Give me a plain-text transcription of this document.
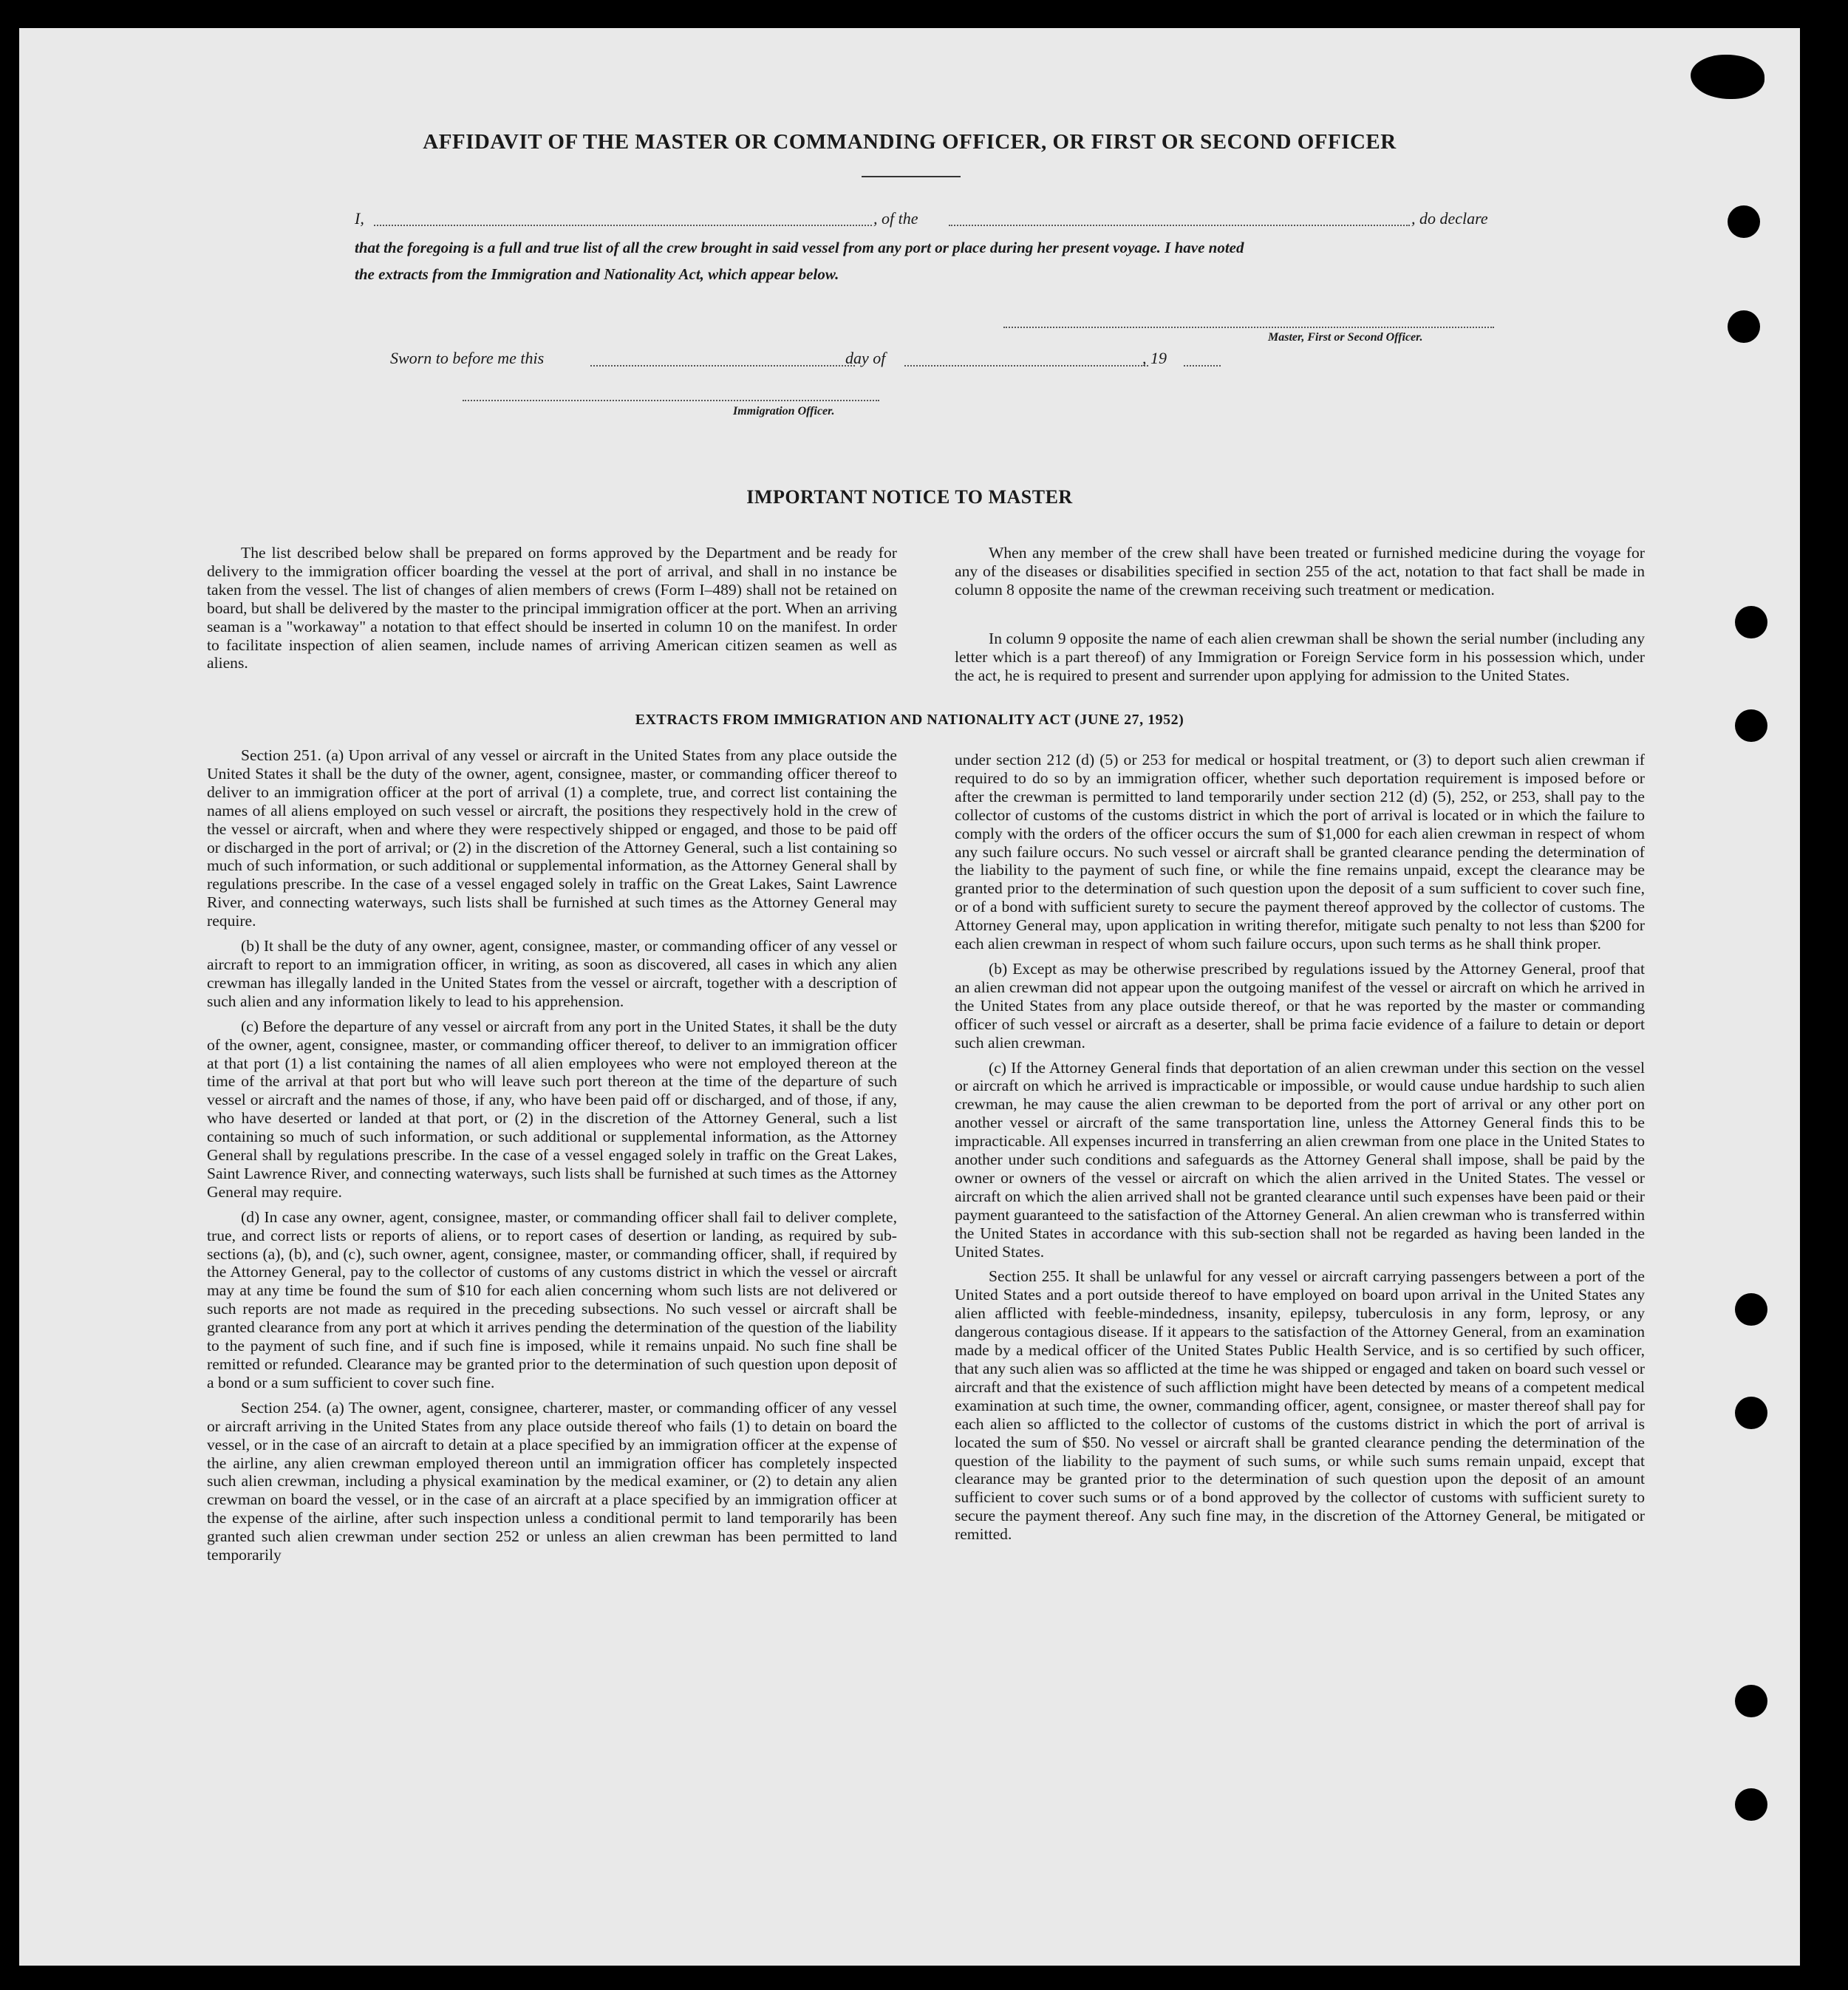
AFFIDAVIT OF THE MASTER OR COMMANDING OFFICER, OR FIRST OR SECOND OFFICER
I,	, of the	, do declare
that the foregoing is a full and true list of all the crew brought in said vessel from any port or place during her present voyage. I have noted
the extracts from the Immigration and Nationality Act, which appear below.
Master, First or Second Officer.
Sworn to before me this	day of	, 19
Immigration Officer.
IMPORTANT NOTICE TO MASTER
The list described below shall be prepared on forms approved by the Department and be ready for delivery to the immigration officer boarding the vessel at the port of arrival, and shall in no instance be taken from the vessel. The list of changes of alien members of crews (Form I–489) shall not be retained on board, but shall be delivered by the master to the principal immigration officer at the port. When an arriving seaman is a "workaway" a notation to that effect should be inserted in column 10 on the manifest. In order to facilitate inspection of alien seamen, include names of arriving American citizen seamen as well as aliens.
When any member of the crew shall have been treated or furnished medicine during the voyage for any of the diseases or disabilities specified in section 255 of the act, notation to that fact shall be made in column 8 opposite the name of the crewman receiving such treatment or medication.
In column 9 opposite the name of each alien crewman shall be shown the serial number (including any letter which is a part thereof) of any Immigration or Foreign Service form in his possession which, under the act, he is required to present and surrender upon applying for admission to the United States.
EXTRACTS FROM IMMIGRATION AND NATIONALITY ACT (JUNE 27, 1952)

Section 251. (a) Upon arrival of any vessel or aircraft in the United States from any place outside the United States it shall be the duty of the owner, agent, consignee, master, or commanding officer thereof to deliver to an immigration officer at the port of arrival (1) a complete, true, and correct list containing the names of all aliens employed on such vessel or aircraft, the positions they respectively hold in the crew of the vessel or aircraft, when and where they were respectively shipped or engaged, and those to be paid off or discharged in the port of arrival; or (2) in the discretion of the Attorney General, such a list containing so much of such information, or such additional or supplemental information, as the Attorney General shall by regulations prescribe. In the case of a vessel engaged solely in traffic on the Great Lakes, Saint Lawrence River, and connecting waterways, such lists shall be furnished at such times as the Attorney General may require.

(b) It shall be the duty of any owner, agent, consignee, master, or commanding officer of any vessel or aircraft to report to an immigration officer, in writing, as soon as discovered, all cases in which any alien crewman has illegally landed in the United States from the vessel or aircraft, together with a description of such alien and any information likely to lead to his apprehension.

(c) Before the departure of any vessel or aircraft from any port in the United States, it shall be the duty of the owner, agent, consignee, master, or commanding officer thereof, to deliver to an immigration officer at that port (1) a list containing the names of all alien employees who were not employed thereon at the time of the arrival at that port but who will leave such port thereon at the time of the departure of such vessel or aircraft and the names of those, if any, who have been paid off or discharged, and of those, if any, who have deserted or landed at that port, or (2) in the discretion of the Attorney General, such a list containing so much of such information, or such additional or supplemental information, as the Attorney General shall by regulations prescribe. In the case of a vessel engaged solely in traffic on the Great Lakes, Saint Lawrence River, and connecting waterways, such lists shall be furnished at such times as the Attorney General may require.

(d) In case any owner, agent, consignee, master, or commanding officer shall fail to deliver complete, true, and correct lists or reports of aliens, or to report cases of desertion or landing, as required by sub-sections (a), (b), and (c), such owner, agent, consignee, master, or commanding officer, shall, if required by the Attorney General, pay to the collector of customs of any customs district in which the vessel or aircraft may at any time be found the sum of $10 for each alien concerning whom such lists are not delivered or such reports are not made as required in the preceding subsections. No such vessel or aircraft shall be granted clearance from any port at which it arrives pending the determination of the question of the liability to the payment of such fine, and if such fine is imposed, while it remains unpaid. No such fine shall be remitted or refunded. Clearance may be granted prior to the determination of such question upon deposit of a bond or a sum sufficient to cover such fine.

Section 254. (a) The owner, agent, consignee, charterer, master, or commanding officer of any vessel or aircraft arriving in the United States from any place outside thereof who fails (1) to detain on board the vessel, or in the case of an aircraft to detain at a place specified by an immigration officer at the expense of the airline, any alien crewman employed thereon until an immigration officer has completely inspected such alien crewman, including a physical examination by the medical examiner, or (2) to detain any alien crewman on board the vessel, or in the case of an aircraft at a place specified by an immigration officer at the expense of the airline, after such inspection unless a conditional permit to land temporarily has been granted such alien crewman under section 252 or unless an alien crewman has been permitted to land temporarily

under section 212 (d) (5) or 253 for medical or hospital treatment, or (3) to deport such alien crewman if required to do so by an immigration officer, whether such deportation requirement is imposed before or after the crewman is permitted to land temporarily under section 212 (d) (5), 252, or 253, shall pay to the collector of customs of the customs district in which the port of arrival is located or in which the failure to comply with the orders of the officer occurs the sum of $1,000 for each alien crewman in respect of whom any such failure occurs. No such vessel or aircraft shall be granted clearance pending the determination of the liability to the payment of such fine, or while the fine remains unpaid, except the clearance may be granted prior to the determination of such question upon the deposit of a sum sufficient to cover such fine, or of a bond with sufficient surety to secure the payment thereof approved by the collector of customs. The Attorney General may, upon application in writing therefor, mitigate such penalty to not less than $200 for each alien crewman in respect of whom such failure occurs, upon such terms as he shall think proper.

(b) Except as may be otherwise prescribed by regulations issued by the Attorney General, proof that an alien crewman did not appear upon the outgoing manifest of the vessel or aircraft on which he arrived in the United States from any place outside thereof, or that he was reported by the master or commanding officer of such vessel or aircraft as a deserter, shall be prima facie evidence of a failure to detain or deport such alien crewman.

(c) If the Attorney General finds that deportation of an alien crewman under this section on the vessel or aircraft on which he arrived is impracticable or impossible, or would cause undue hardship to such alien crewman, he may cause the alien crewman to be deported from the port of arrival or any other port on another vessel or aircraft of the same transportation line, unless the Attorney General finds this to be impracticable. All expenses incurred in transferring an alien crewman from one place in the United States to another under such conditions and safeguards as the Attorney General shall impose, shall be paid by the owner or owners of the vessel or aircraft on which the alien arrived in the United States. The vessel or aircraft on which the alien arrived shall not be granted clearance until such expenses have been paid or their payment guaranteed to the satisfaction of the Attorney General. An alien crewman who is transferred within the United States in accordance with this sub-section shall not be regarded as having been landed in the United States.

Section 255. It shall be unlawful for any vessel or aircraft carrying passengers between a port of the United States and a port outside thereof to have employed on board upon arrival in the United States any alien afflicted with feeble-mindedness, insanity, epilepsy, tuberculosis in any form, leprosy, or any dangerous contagious disease. If it appears to the satisfaction of the Attorney General, from an examination made by a medical officer of the United States Public Health Service, and is so certified by such officer, that any such alien was so afflicted at the time he was shipped or engaged and taken on board such vessel or aircraft and that the existence of such affliction might have been detected by means of a competent medical examination at such time, the owner, commanding officer, agent, consignee, or master thereof shall pay for each alien so afflicted to the collector of customs of the customs district in which the port of arrival is located the sum of $50. No vessel or aircraft shall be granted clearance pending the determination of the question of the liability to the payment of such sums, or while such sums remain unpaid, except that clearance may be granted prior to the determination of such question upon the deposit of an amount sufficient to cover such sums or of a bond approved by the collector of customs with sufficient surety to secure the payment thereof. Any such fine may, in the discretion of the Attorney General, be mitigated or remitted.
